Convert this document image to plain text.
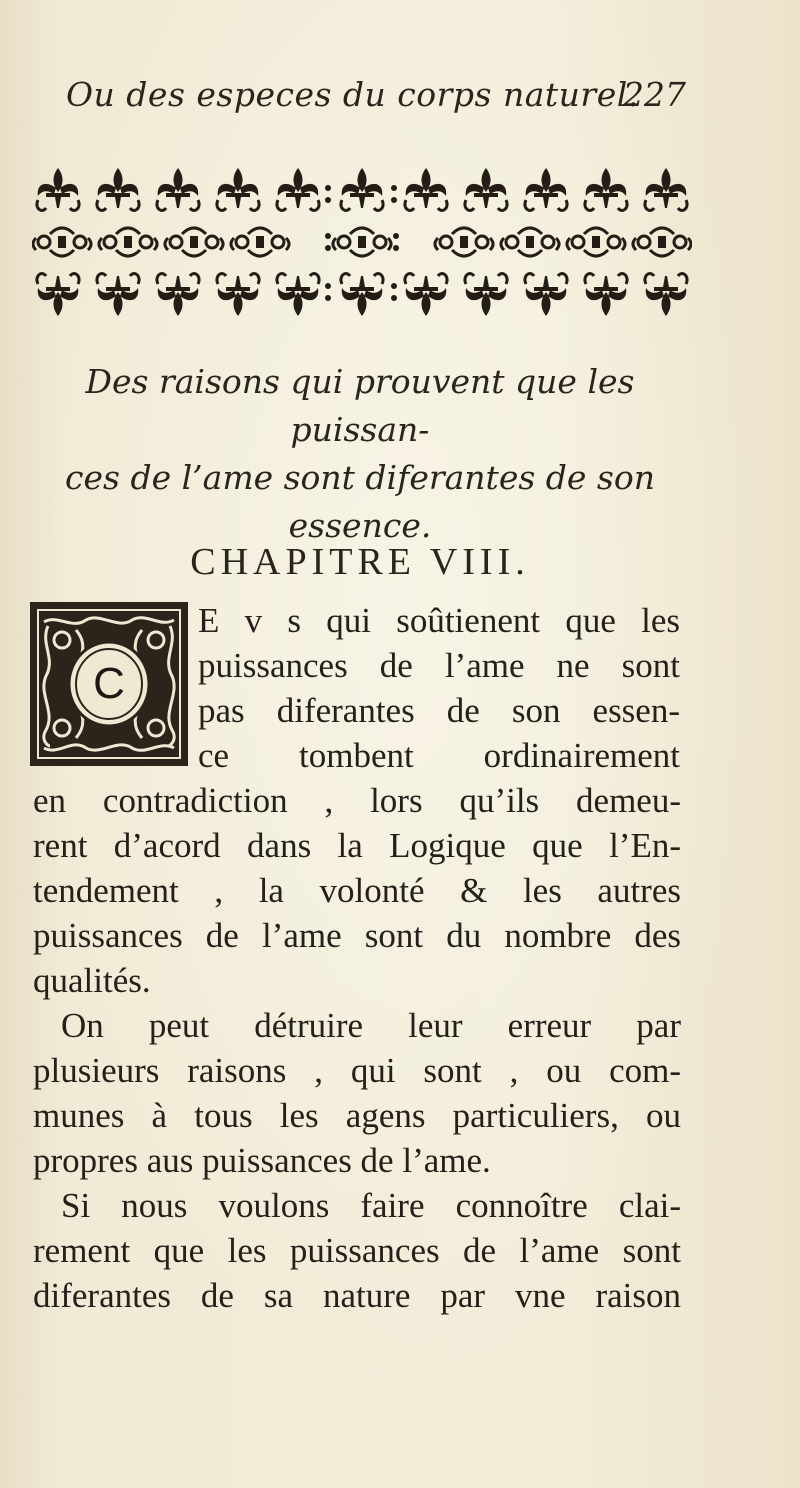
Ou des especes du corps naturel.
227
Des raisons qui prouvent que les puissan-
ces de l’ame sont diferantes de son
essence.
CHAPITRE VIII.
C
E v s qui soûtienent que les
puissances de l’ame ne sont
pas diferantes de son essen-
ce tombent ordinairement
en contradiction , lors qu’ils demeu-
rent d’acord dans la Logique que l’En-
tendement , la volonté & les autres
puissances de l’ame sont du nombre des
qualités.
On peut détruire leur erreur par
plusieurs raisons , qui sont , ou com-
munes à tous les agens particuliers, ou
propres aus puissances de l’ame.
Si nous voulons faire connoître clai-
rement que les puissances de l’ame sont
diferantes de sa nature par vne raison
